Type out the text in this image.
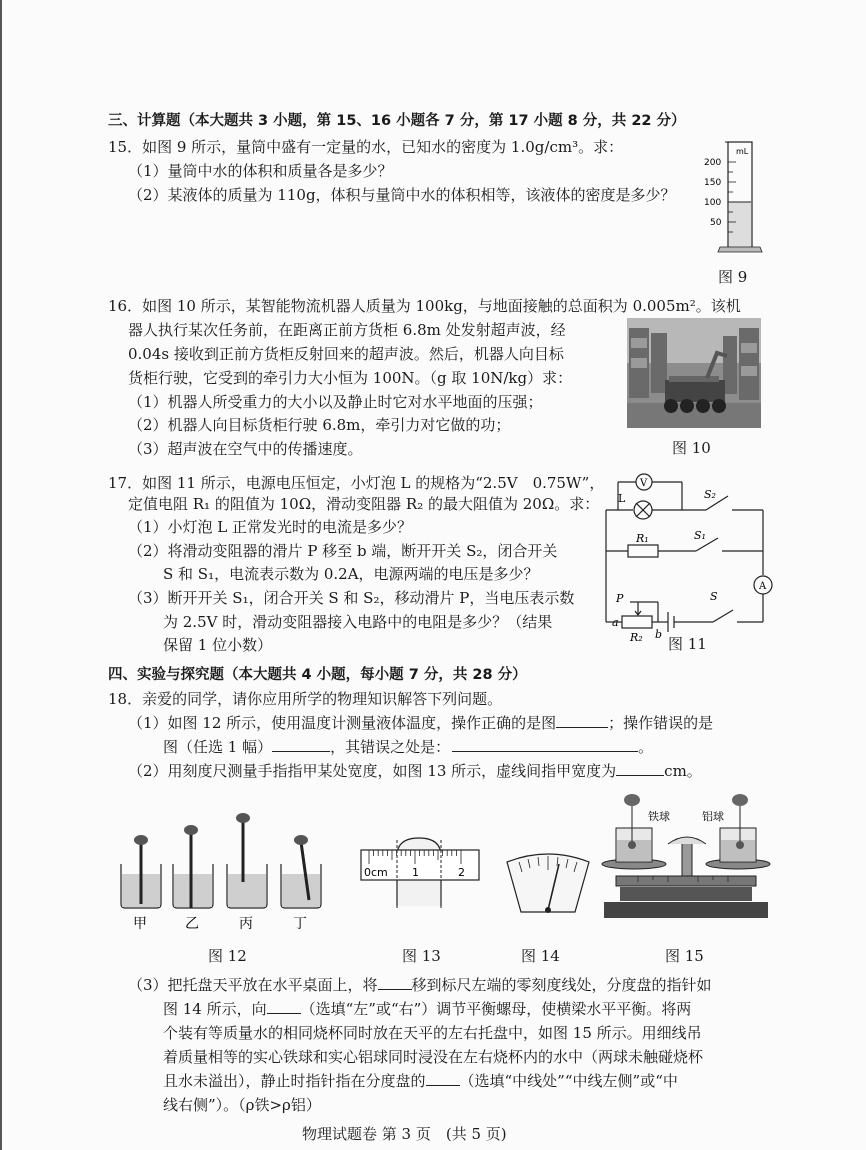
三、计算题（本大题共 3 小题，第 15、16 小题各 7 分，第 17 小题 8 分，共 22 分）
15．如图 9 所示，量筒中盛有一定量的水，已知水的密度为 1.0g/cm³。求：
（1）量筒中水的体积和质量各是多少？
（2）某液体的质量为 110g，体积与量筒中水的体积相等，该液体的密度是多少？
mL
200
150
100
50
图 9
16．如图 10 所示，某智能物流机器人质量为 100kg，与地面接触的总面积为 0.005m²。该机
器人执行某次任务前，在距离正前方货柜 6.8m 处发射超声波，经
0.04s 接收到正前方货柜反射回来的超声波。然后，机器人向目标
货柜行驶，它受到的牵引力大小恒为 100N。（g 取 10N/kg）求：
（1）机器人所受重力的大小以及静止时它对水平地面的压强；
（2）机器人向目标货柜行驶 6.8m，牵引力对它做的功；
（3）超声波在空气中的传播速度。	图 10
17．如图 11 所示，电源电压恒定，小灯泡 L 的规格为“2.5V　0.75W”，
定值电阻 R₁ 的阻值为 10Ω，滑动变阻器 R₂ 的最大阻值为 20Ω。求：
（1）小灯泡 L 正常发光时的电流是多少？
（2）将滑动变阻器的滑片 P 移至 b 端，断开开关 S₂，闭合开关
S 和 S₁，电流表示数为 0.2A，电源两端的电压是多少？
（3）断开开关 S₁，闭合开关 S 和 S₂，移动滑片 P，当电压表示数
为 2.5V 时，滑动变阻器接入电路中的电阻是多少？（结果
保留 1 位小数）
V
L	S₂
R₁	S₁
A
P	S
a
b
R₂ 图 11
四、实验与探究题（本大题共 4 小题，每小题 7 分，共 28 分）
18．亲爱的同学，请你应用所学的物理知识解答下列问题。
（1）如图 12 所示，使用温度计测量液体温度，操作正确的是图	；操作错误的是
图（任选 1 幅）	，其错误之处是：	。
（2）用刻度尺测量手指指甲某处宽度，如图 13 所示，虚线间指甲宽度为	cm。
甲	乙	丙	丁
图 12
0cm 1	2
图 13	图 14
铁球	铝球
图 15
（3）把托盘天平放在水平桌面上，将 移到标尺左端的零刻度线处，分度盘的指针如
图 14 所示，向 （选填“左”或“右”）调节平衡螺母，使横梁水平平衡。将两
个装有等质量水的相同烧杯同时放在天平的左右托盘中，如图 15 所示。用细线吊
着质量相等的实心铁球和实心铝球同时浸没在左右烧杯内的水中（两球未触碰烧杯
且水未溢出），静止时指针指在分度盘的 （选填“中线处”“中线左侧”或“中
线右侧”）。（ρ铁>ρ铝）
物理试题卷 第 3 页　(共 5 页)
